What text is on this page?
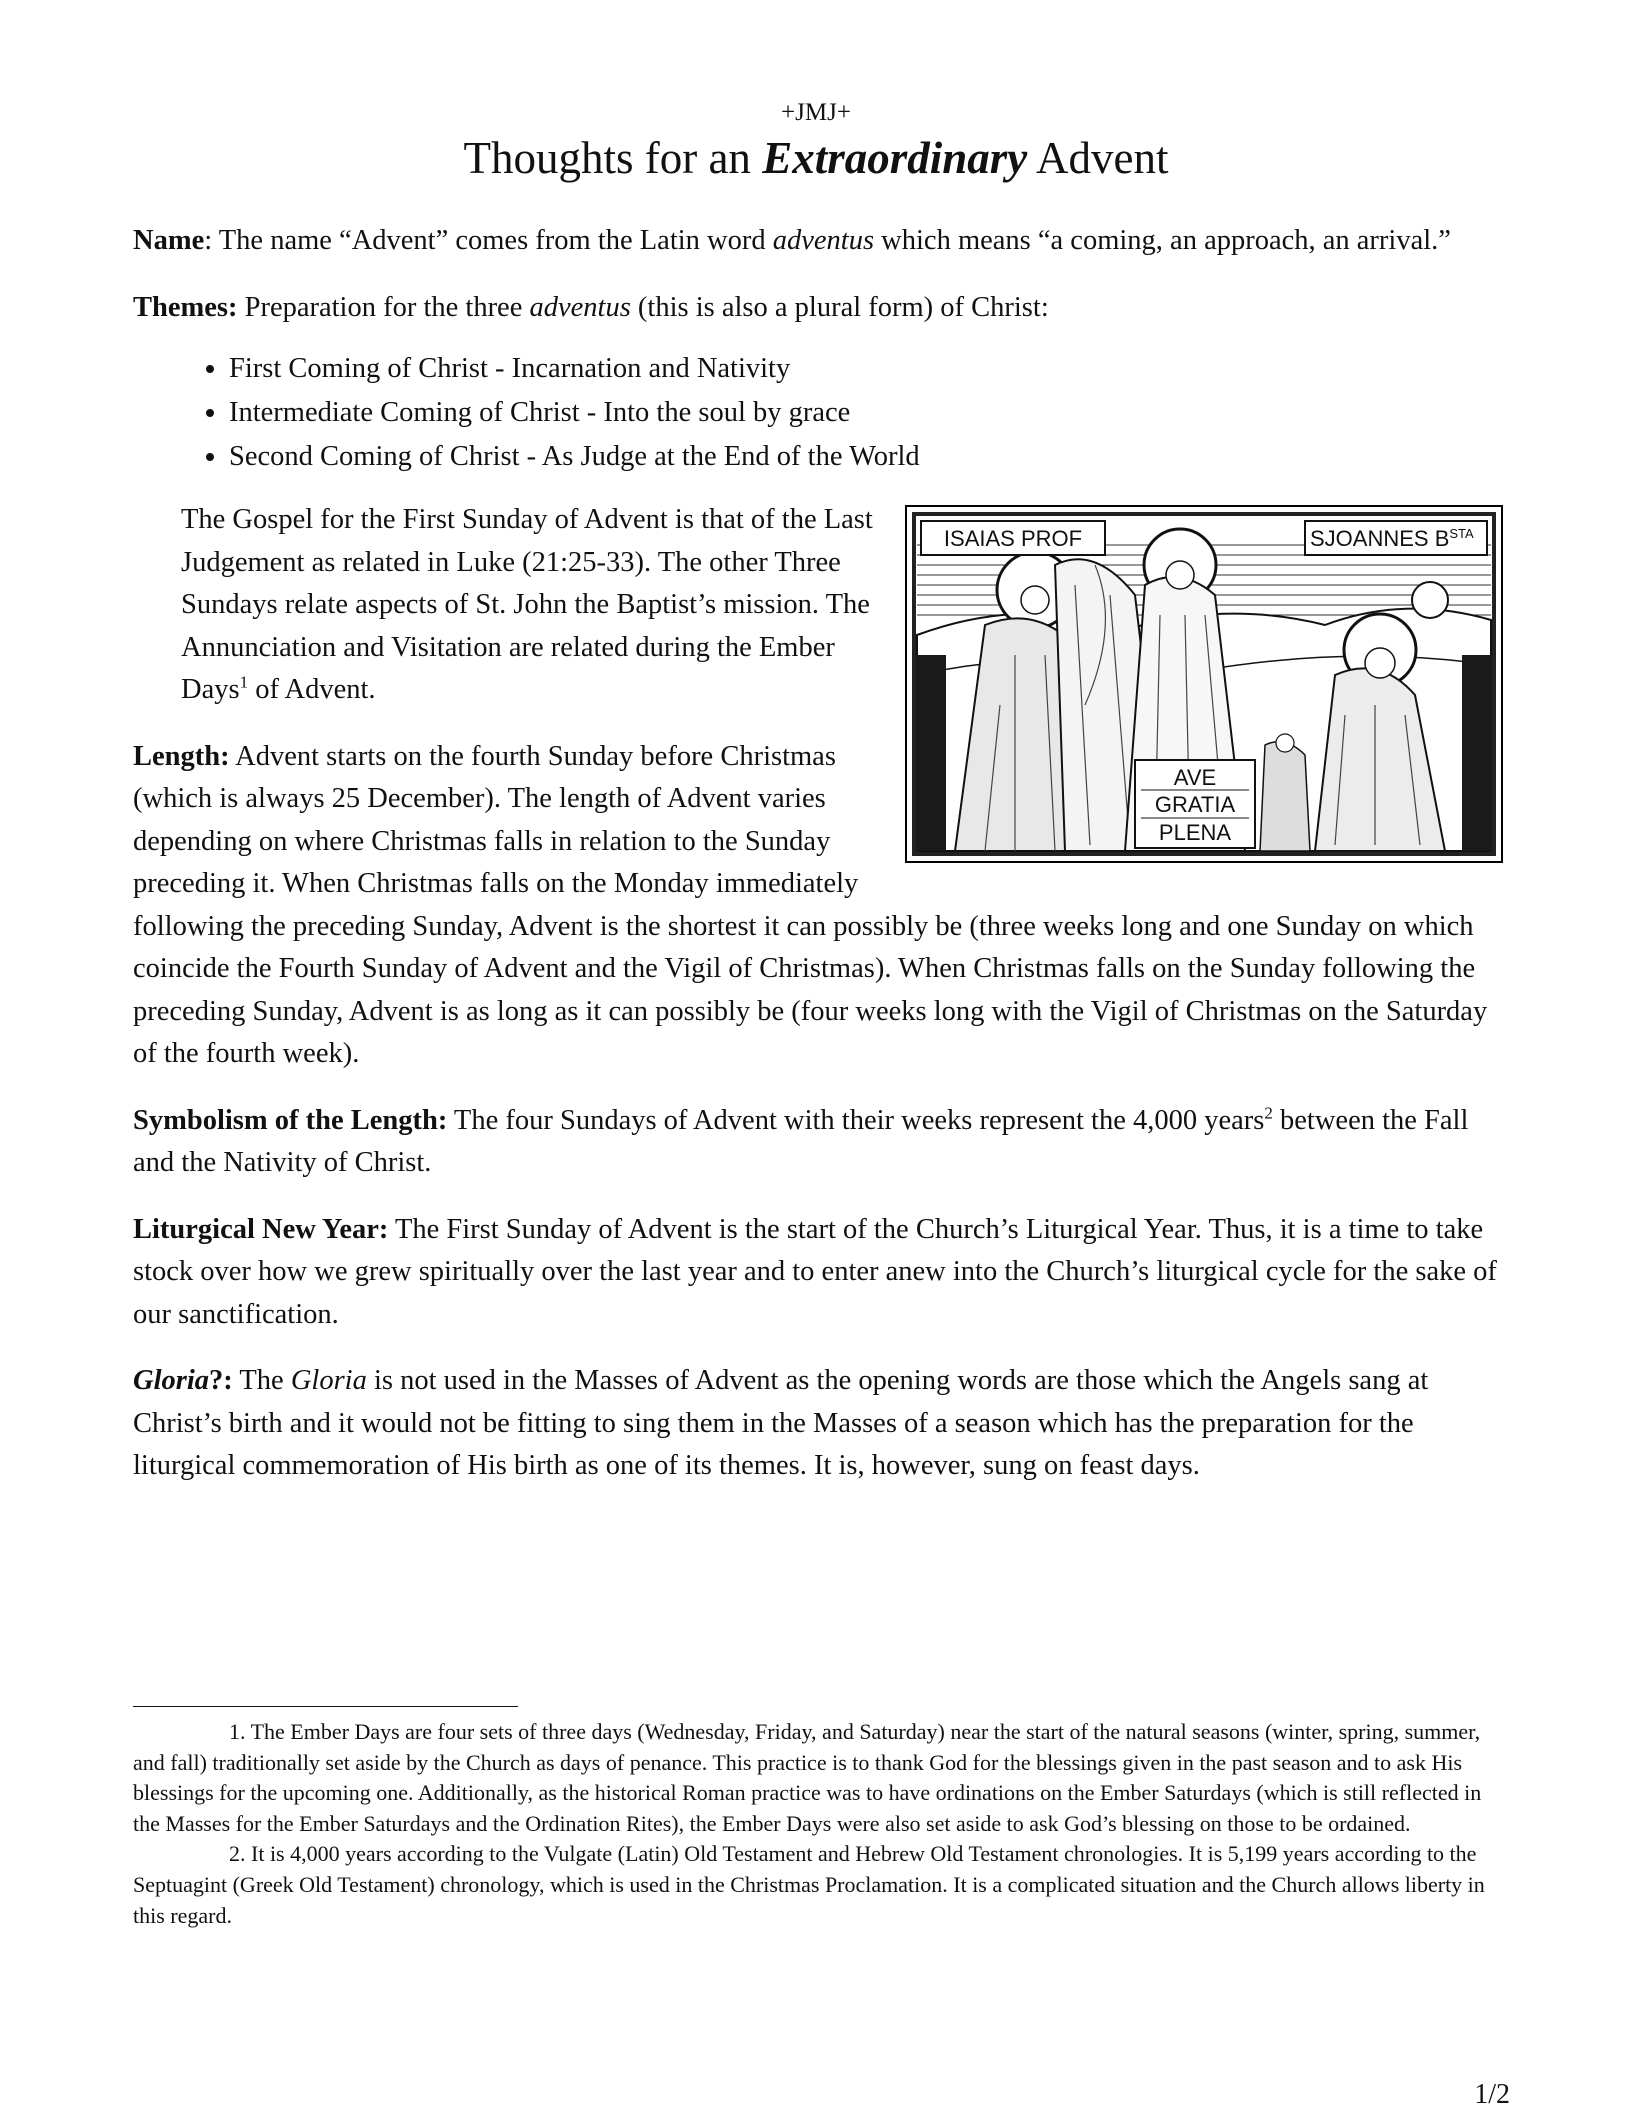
+JMJ+
Thoughts for an Extraordinary Advent

Name: The name “Advent” comes from the Latin word adventus which means “a coming, an approach, an arrival.”

Themes: Preparation for the three adventus (this is also a plural form) of Christ:

• First Coming of Christ - Incarnation and Nativity
• Intermediate Coming of Christ - Into the soul by grace
• Second Coming of Christ - As Judge at the End of the World
AVE
GRATIA
PLENA
ISAIAS PROF	SJOANNES $B^{STA}$

The Gospel for the First Sunday of Advent is that of the Last Judgement as related in Luke (21:25-33). The other Three Sundays relate aspects of St. John the Baptist’s mission. The Annunciation and Visitation are related during the Ember Days$^1$ of Advent.

Length: Advent starts on the fourth Sunday before Christmas (which is always 25 December). The length of Advent varies depending on where Christmas falls in relation to the Sunday preceding it. When Christmas falls on the Monday immediately following the preceding Sunday, Advent is the shortest it can possibly be (three weeks long and one Sunday on which coincide the Fourth Sunday of Advent and the Vigil of Christmas). When Christmas falls on the Sunday following the preceding Sunday, Advent is as long as it can possibly be (four weeks long with the Vigil of Christmas on the Saturday of the fourth week).

Symbolism of the Length: The four Sundays of Advent with their weeks represent the 4,000 years$^2$ between the Fall and the Nativity of Christ.

Liturgical New Year: The First Sunday of Advent is the start of the Church’s Liturgical Year. Thus, it is a time to take stock over how we grew spiritually over the last year and to enter anew into the Church’s liturgical cycle for the sake of our sanctification.

Gloria?: The Gloria is not used in the Masses of Advent as the opening words are those which the Angels sang at Christ’s birth and it would not be fitting to sing them in the Masses of a season which has the preparation for the liturgical commemoration of His birth as one of its themes. It is, however, sung on feast days.

1. The Ember Days are four sets of three days (Wednesday, Friday, and Saturday) near the start of the natural seasons (winter, spring, summer, and fall) traditionally set aside by the Church as days of penance. This practice is to thank God for the blessings given in the past season and to ask His blessings for the upcoming one. Additionally, as the historical Roman practice was to have ordinations on the Ember Saturdays (which is still reflected in the Masses for the Ember Saturdays and the Ordination Rites), the Ember Days were also set aside to ask God’s blessing on those to be ordained.

2. It is 4,000 years according to the Vulgate (Latin) Old Testament and Hebrew Old Testament chronologies. It is 5,199 years according to the Septuagint (Greek Old Testament) chronology, which is used in the Christmas Proclamation. It is a complicated situation and the Church allows liberty in this regard.

1/2
